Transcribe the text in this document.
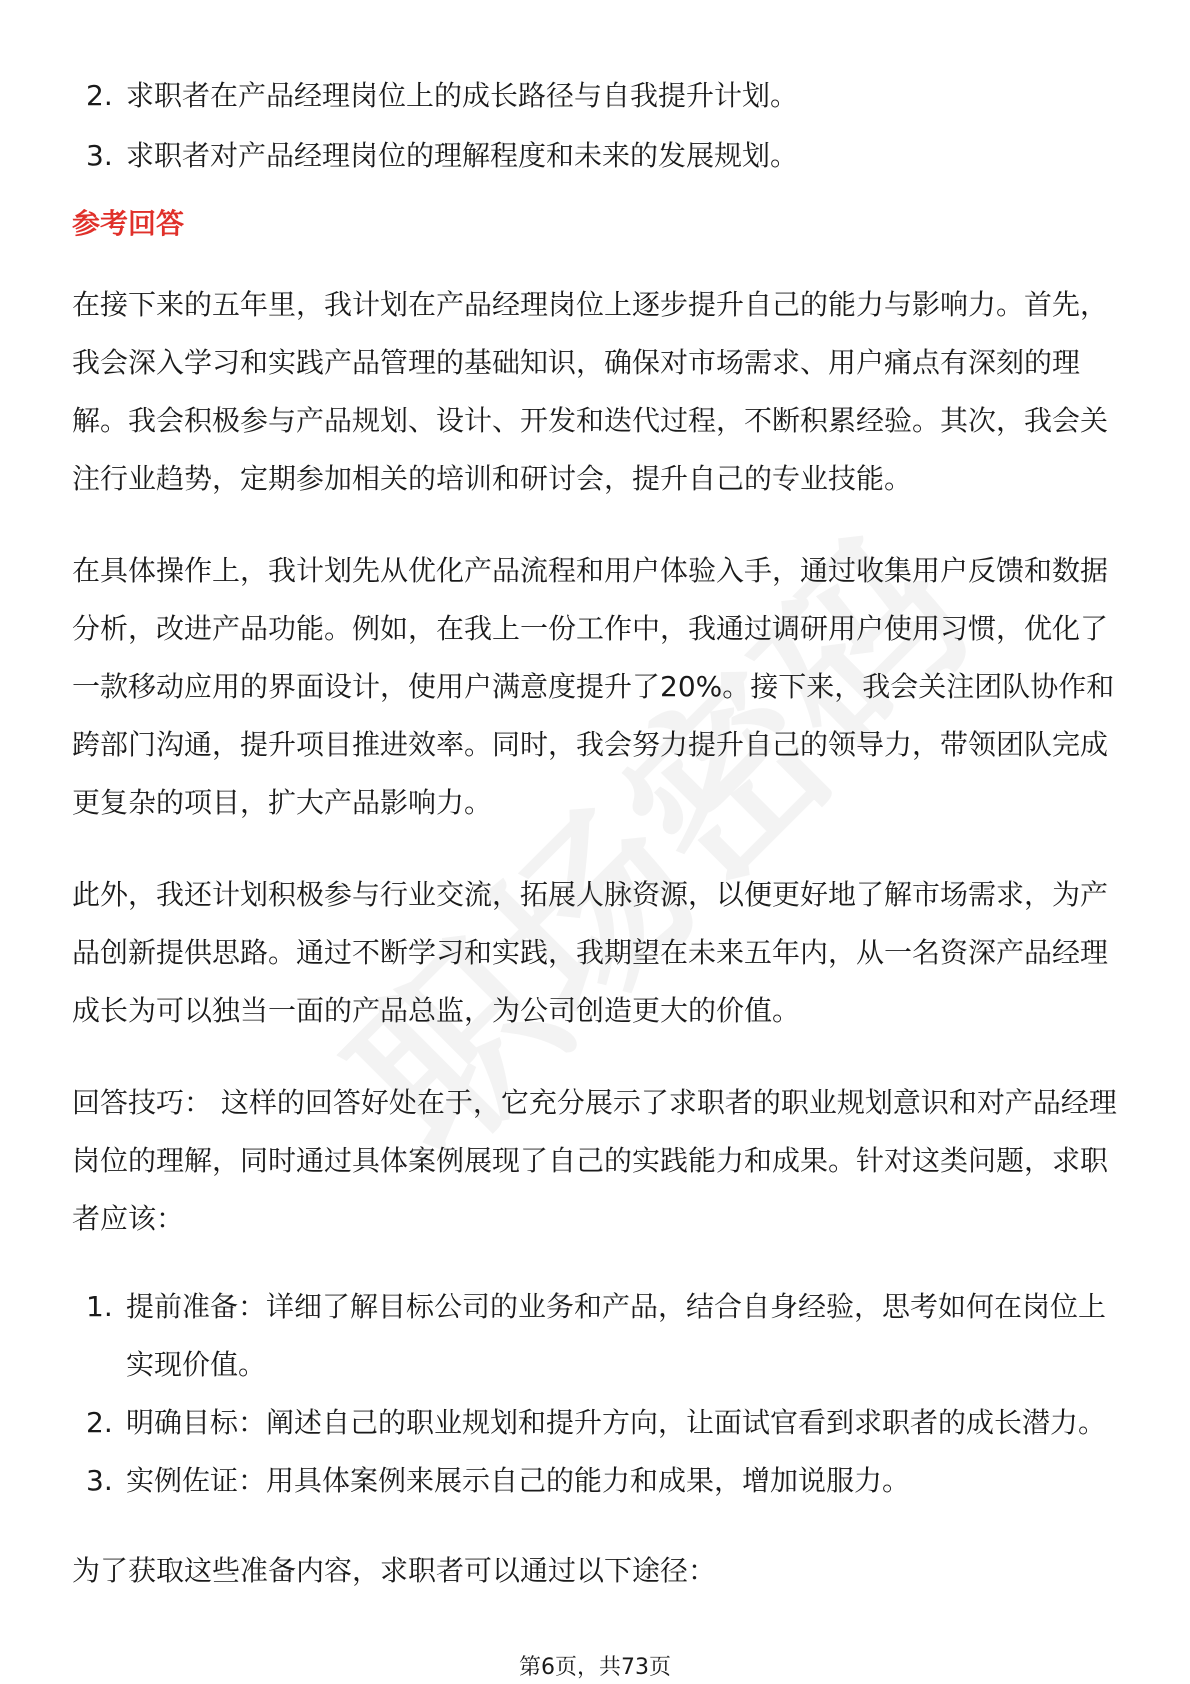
2. 求职者在产品经理岗位上的成长路径与自我提升计划。
3. 求职者对产品经理岗位的理解程度和未来的发展规划。
参考回答

在接下来的五年里，我计划在产品经理岗位上逐步提升自己的能力与影响力。首先，我会深入学习和实践产品管理的基础知识，确保对市场需求、用户痛点有深刻的理解。我会积极参与产品规划、设计、开发和迭代过程，不断积累经验。其次，我会关注行业趋势，定期参加相关的培训和研讨会，提升自己的专业技能。

在具体操作上，我计划先从优化产品流程和用户体验入手，通过收集用户反馈和数据分析，改进产品功能。例如，在我上一份工作中，我通过调研用户使用习惯，优化了一款移动应用的界面设计，使用户满意度提升了20%。接下来，我会关注团队协作和跨部门沟通，提升项目推进效率。同时，我会努力提升自己的领导力，带领团队完成更复杂的项目，扩大产品影响力。

此外，我还计划积极参与行业交流，拓展人脉资源，以便更好地了解市场需求，为产品创新提供思路。通过不断学习和实践，我期望在未来五年内，从一名资深产品经理成长为可以独当一面的产品总监，为公司创造更大的价值。

回答技巧： 这样的回答好处在于，它充分展示了求职者的职业规划意识和对产品经理岗位的理解，同时通过具体案例展现了自己的实践能力和成果。针对这类问题，求职者应该：

1. 提前准备：详细了解目标公司的业务和产品，结合自身经验，思考如何在岗位上实现价值。
2. 明确目标：阐述自己的职业规划和提升方向，让面试官看到求职者的成长潜力。
3. 实例佐证：用具体案例来展示自己的能力和成果，增加说服力。

为了获取这些准备内容，求职者可以通过以下途径：

第6页，共73页
